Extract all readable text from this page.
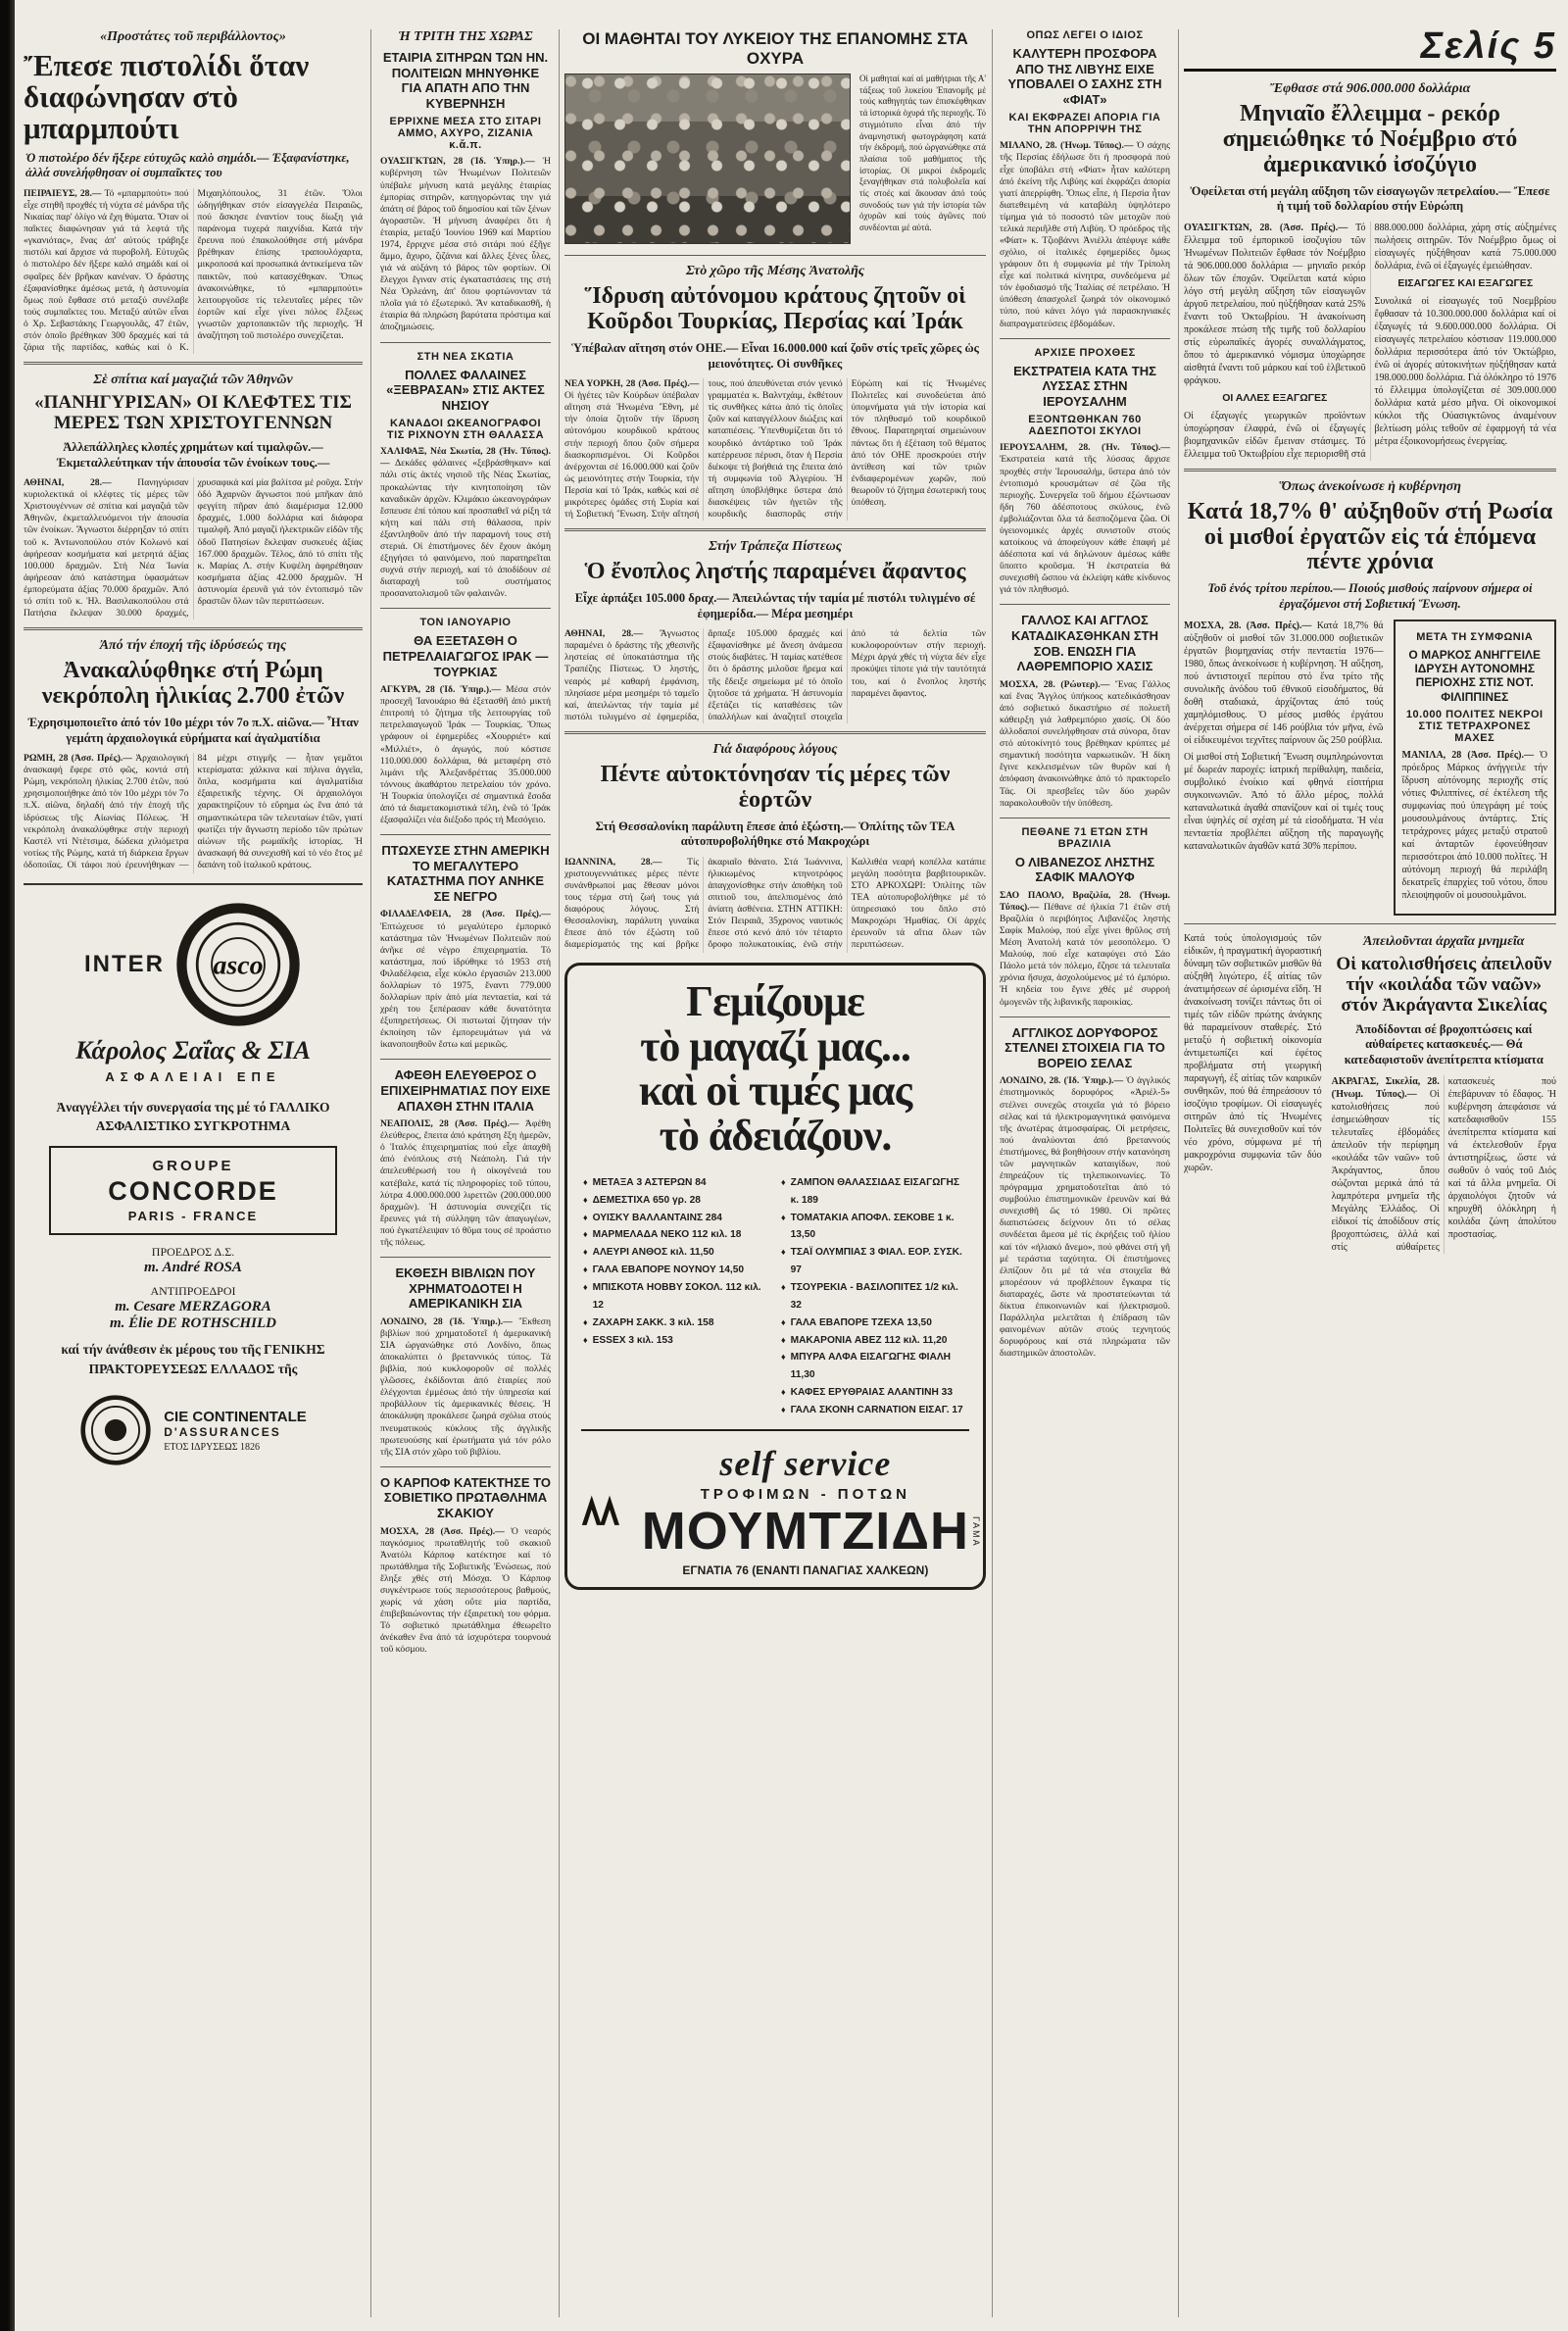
«Προστάτες τοῦ περιβάλλοντος»
Ἔπεσε πιστολίδι ὅταν διαφώνησαν στὸ μπαρμπούτι
Ὁ πιστολέρο δέν ἤξερε εὐτυχῶς καλὸ σημάδι.— Ἐξαφανίστηκε, ἀλλά συνελήφθησαν οἱ συμπαῖκτες του

ΠΕΙΡΑΙΕΥΣ, 28.— Τό «μπαρμπούτι» πού εἶχε στηθῆ προχθές τή νύχτα σέ μάνδρα τῆς Νικαίας παρ' ὀλίγο νά ἔχη θύματα. Ὅταν οἱ παῖκτες διαφώνησαν γιά τά λεφτά τῆς «γκανιότας», ἕνας ἀπ' αὐτούς τράβηξε πιστόλι καί ἄρχισε νά πυροβολῆ. Εὐτυχῶς ὁ πιστολέρο δέν ἤξερε καλό σημάδι καί οἱ σφαῖρες δέν βρῆκαν κανέναν. Ὁ δράστης ἐξαφανίσθηκε ἀμέσως μετά, ἡ ἀστυνομία ὅμως πού ἔφθασε στό μεταξύ συνέλαβε τούς συμπαῖκτες του. Μεταξύ αὐτῶν εἶναι ὁ Χρ. Σεβαστάκης Γεωργουλᾶς, 47 ἐτῶν, στόν ὁποῖο βρέθηκαν 300 δραχμές καί τά ζάρια τῆς παρτίδας, καθώς καί ὁ Κ. Μιχαηλόπουλος, 31 ἐτῶν. Ὅλοι ὡδηγήθηκαν στόν εἰσαγγελέα Πειραιῶς, πού ἄσκησε ἐναντίον τους δίωξη γιά παράνομα τυχερά παιχνίδια. Κατά τήν ἔρευνα πού ἐπακολούθησε στή μάνδρα βρέθηκαν ἐπίσης τραπουλόχαρτα, μικροποσά καί προσωπικά ἀντικείμενα τῶν παικτῶν, πού κατασχέθηκαν. Ὅπως ἀνακοινώθηκε, τό «μπαρμπούτι» λειτουργοῦσε τίς τελευταῖες μέρες τῶν ἑορτῶν καί εἶχε γίνει πόλος ἕλξεως γνωστῶν χαρτοπαικτῶν τῆς περιοχῆς. Ἡ ἀναζήτηση τοῦ πιστολέρο συνεχίζεται.

Σὲ σπίτια καί μαγαζιά τῶν Ἀθηνῶν
«ΠΑΝΗΓΥΡΙΣΑΝ» ΟΙ ΚΛΕΦΤΕΣ ΤΙΣ ΜΕΡΕΣ ΤΩΝ ΧΡΙΣΤΟΥΓΕΝΝΩΝ
Ἀλλεπάλληλες κλοπές χρημάτων καί τιμαλφῶν.— Ἐκμεταλλεύτηκαν τήν ἀπουσία τῶν ἐνοίκων τους.—

ΑΘΗΝΑΙ, 28.—	Πανηγύρισαν κυριολεκτικά οἱ κλέφτες τίς μέρες τῶν Χριστουγέννων σέ σπίτια καί μαγαζιά τῶν Ἀθηνῶν, ἐκμεταλλευόμενοι τήν ἀπουσία τῶν ἐνοίκων. Ἄγνωστοι διέρρηξαν τό σπίτι τοῦ κ. Ἀντωνοπούλου στόν Κολωνό καί ἀφήρεσαν κοσμήματα καί μετρητά ἀξίας 100.000 δραχμῶν. Στή Νέα Ἰωνία ἀφήρεσαν ἀπό κατάστημα ὑφασμάτων ἐμπορεύματα ἀξίας 70.000 δραχμῶν. Ἀπό τό σπίτι τοῦ κ. Ἠλ. Βασιλακοπούλου στά Πατήσια ἔκλεψαν 30.000 δραχμές, χρυσαφικά καί μία βαλίτσα μέ ροῦχα. Στήν ὁδό Ἀχαρνῶν ἄγνωστοι πού μπῆκαν ἀπό φεγγίτη πῆραν ἀπό διαμέρισμα 12.000 δραχμές, 1.000 δολλάρια καί διάφορα τιμαλφῆ. Ἀπό μαγαζί ἠλεκτρικῶν εἰδῶν τῆς ὁδοῦ Πατησίων ἔκλεψαν συσκευές ἀξίας 167.000 δραχμῶν. Τέλος, ἀπό τό σπίτι τῆς κ. Μαρίας Λ. στήν Κυψέλη ἀφηρέθησαν κοσμήματα ἀξίας 42.000 δραχμῶν. Ἡ ἀστυνομία ἐρευνᾶ γιά τόν ἐντοπισμό τῶν δραστῶν ὅλων τῶν περιπτώσεων.

Ἀπό τήν ἐποχή τῆς ἱδρύσεώς της
Ἀνακαλύφθηκε στή Ρώμη νεκρόπολη ἡλικίας 2.700 ἐτῶν
Ἐχρησιμοποιεῖτο ἀπό τόν 10ο μέχρι τόν 7ο π.Χ. αἰῶνα.— Ἦταν γεμάτη ἀρχαιολογικά εὑρήματα καί ἀγαλματίδια

ΡΩΜΗ, 28 (Ἀσσ. Πρές).— Ἀρχαιολογική ἀνασκαφή ἔφερε στό φῶς, κοντά στή Ρώμη, νεκρόπολη ἡλικίας 2.700 ἐτῶν, πού χρησιμοποιήθηκε ἀπό τόν 10ο μέχρι τόν 7ο π.Χ. αἰῶνα, δηλαδή ἀπό τήν ἐποχή τῆς ἱδρύσεως τῆς Αἰωνίας Πόλεως. Ἡ νεκρόπολη ἀνακαλύφθηκε στήν περιοχή Καστέλ ντί Ντέτσιμα, δώδεκα χιλιόμετρα νοτίως τῆς Ρώμης, κατά τή διάρκεια ἔργων ὁδοποιΐας. Οἱ τάφοι πού ἐρευνήθηκαν — 84 μέχρι στιγμῆς — ἦταν γεμᾶτοι κτερίσματα: χάλκινα καί πήλινα ἀγγεῖα, ὅπλα, κοσμήματα καί ἀγαλματίδια ἐξαιρετικῆς τέχνης. Οἱ ἀρχαιολόγοι χαρακτηρίζουν τό εὕρημα ὡς ἕνα ἀπό τά σημαντικώτερα τῶν τελευταίων ἐτῶν, γιατί φωτίζει τήν ἄγνωστη περίοδο τῶν πρώτων αἰώνων τῆς ρωμαϊκῆς ἱστορίας. Ἡ ἀνασκαφή θά συνεχισθῆ καί τό νέο ἔτος μέ δαπάνη τοῦ ἰταλικοῦ κράτους.

INTER asco
Κάρολος Σαΐας & ΣΙΑ
ΑΣΦΑΛΕΙΑΙ ΕΠΕ
Ἀναγγέλλει τήν συνεργασία της μέ τό ΓΑΛΛΙΚΟ ΑΣΦΑΛΙΣΤΙΚΟ ΣΥΓΚΡΟΤΗΜΑ
GROUPE
CONCORDE
PARIS - FRANCE
ΠΡΟΕΔΡΟΣ Δ.Σ.
m. André ROSA
ΑΝΤΙΠΡΟΕΔΡΟΙ
m. Cesare MERZAGORA
m. Élie DE ROTHSCHILD
καί τήν ἀνάθεσιν ἐκ μέρους του τῆς ΓΕΝΙΚΗΣ ΠΡΑΚΤΟΡΕΥΣΕΩΣ ΕΛΛΑΔΟΣ τῆς
CIE CONTINENTALE
D'ASSURANCES
ΕΤΟΣ ΙΔΡΥΣΕΩΣ 1826
Ἡ ΤΡΙΤΗ ΤΗΣ ΧΩΡΑΣ
ΕΤΑΙΡΙΑ ΣΙΤΗΡΩΝ ΤΩΝ ΗΝ. ΠΟΛΙΤΕΙΩΝ ΜΗΝΥΘΗΚΕ ΓΙΑ ΑΠΑΤΗ ΑΠΟ ΤΗΝ ΚΥΒΕΡΝΗΣΗ
ΕΡΡΙΧΝΕ ΜΕΣΑ ΣΤΟ ΣΙΤΑΡΙ ΑΜΜΟ, ΑΧΥΡΟ, ΖΙΖΑΝΙΑ κ.ἄ.π.

ΟΥΑΣΙΓΚΤΩΝ, 28 (Ἰδ. Ὑπηρ.).— Ἡ κυβέρνηση τῶν Ἡνωμένων Πολιτειῶν ὑπέβαλε μήνυση κατά μεγάλης ἑταιρίας ἐμπορίας σιτηρῶν, κατηγορώντας την γιά ἀπάτη σέ βάρος τοῦ δημοσίου καί τῶν ξένων ἀγοραστῶν. Ἡ μήνυση ἀναφέρει ὅτι ἡ ἑταιρία, μεταξύ Ἰουνίου 1969 καί Μαρτίου 1974, ἔρριχνε μέσα στό σιτάρι πού ἐξῆγε ἄμμο, ἄχυρο, ζιζάνια καί ἄλλες ξένες ὗλες, γιά νά αὐξάνη τό βάρος τῶν φορτίων. Οἱ ἔλεγχοι ἔγιναν στίς ἐγκαταστάσεις της στή Νέα Ὀρλεάνη, ἀπ' ὅπου φορτώνονταν τά πλοῖα γιά τό ἐξωτερικό. Ἄν καταδικασθῆ, ἡ ἑταιρία θά πληρώση βαρύτατα πρόστιμα καί ἀποζημιώσεις.

ΣΤΗ ΝΕΑ ΣΚΩΤΙΑ
ΠΟΛΛΕΣ ΦΑΛΑΙΝΕΣ «ΞΕΒΡΑΣΑΝ» ΣΤΙΣ ΑΚΤΕΣ ΝΗΣΙΟΥ
ΚΑΝΑΔΟΙ ΩΚΕΑΝΟΓΡΑΦΟΙ ΤΙΣ ΡΙΧΝΟΥΝ ΣΤΗ ΘΑΛΑΣΣΑ

ΧΑΛΙΦΑΞ, Νέα Σκωτία, 28 (Ἠν. Τύπος).— Δεκάδες φάλαινες «ξεβράσθηκαν» καί πάλι στίς ἀκτές νησιοῦ τῆς Νέας Σκωτίας, προκαλώντας τήν κινητοποίηση τῶν καναδικῶν ἀρχῶν. Κλιμάκιο ὠκεανογράφων ἔσπευσε ἐπί τόπου καί προσπαθεῖ νά ρίξη τά κήτη καί πάλι στή θάλασσα, πρίν ἐξαντληθοῦν ἀπό τήν παραμονή τους στή στεριά. Οἱ ἐπιστήμονες δέν ἔχουν ἀκόμη ἐξηγήσει τό φαινόμενο, πού παρατηρεῖται συχνά στήν περιοχή, καί τό ἀποδίδουν σέ διαταραχή τοῦ συστήματος προσανατολισμοῦ τῶν φαλαινῶν.

ΤΟΝ ΙΑΝΟΥΑΡΙΟ
ΘΑ ΕΞΕΤΑΣΘΗ Ο ΠΕΤΡΕΛΑΙΑΓΩΓΟΣ ΙΡΑΚ — ΤΟΥΡΚΙΑΣ

ΑΓΚΥΡΑ, 28 (Ἰδ. Ὑπηρ.).— Μέσα στόν προσεχῆ Ἰανουάριο θά ἐξετασθῆ ἀπό μικτή ἐπιτροπή τό ζήτημα τῆς λειτουργίας τοῦ πετρελαιαγωγοῦ Ἰράκ — Τουρκίας. Ὅπως γράφουν οἱ ἐφημερίδες «Χουρριέτ» καί «Μιλλιέτ», ὁ ἀγωγός, πού κόστισε 110.000.000 δολλάρια, θά μεταφέρη στό λιμάνι τῆς Ἀλεξανδρέττας 35.000.000 τόννους ἀκαθάρτου πετρελαίου τόν χρόνο. Ἡ Τουρκία ὑπολογίζει σέ σημαντικά ἔσοδα ἀπό τά διαμετακομιστικά τέλη, ἐνῶ τό Ἰράκ ἐξασφαλίζει νέα διέξοδο πρός τή Μεσόγειο.

ΠΤΩΧΕΥΣΕ ΣΤΗΝ ΑΜΕΡΙΚΗ ΤΟ ΜΕΓΑΛΥΤΕΡΟ ΚΑΤΑΣΤΗΜΑ ΠΟΥ ΑΝΗΚΕ ΣΕ ΝΕΓΡΟ

ΦΙΛΑΔΕΛΦΕΙΑ, 28 (Ἀσσ. Πρές).— Ἐπτώχευσε τό μεγαλύτερο ἐμπορικό κατάστημα τῶν Ἡνωμένων Πολιτειῶν πού ἀνῆκε σέ νέγρο ἐπιχειρηματία. Τό κατάστημα, πού ἱδρύθηκε τό 1953 στή Φιλαδέλφεια, εἶχε κύκλο ἐργασιῶν 213.000 δολλαρίων τό 1975, ἔναντι 779.000 δολλαρίων πρίν ἀπό μία πενταετία, καί τά χρέη του ξεπέρασαν κάθε δυνατότητα ἐξυπηρετήσεως. Οἱ πιστωταί ζήτησαν τήν ἐκποίηση τῶν ἐμπορευμάτων γιά νά ἱκανοποιηθοῦν ἔστω καί μερικῶς.

ΑΦΕΘΗ ΕΛΕΥΘΕΡΟΣ Ο ΕΠΙΧΕΙΡΗΜΑΤΙΑΣ ΠΟΥ ΕΙΧΕ ΑΠΑΧΘΗ ΣΤΗΝ ΙΤΑΛΙΑ

ΝΕΑΠΟΛΙΣ, 28 (Ἀσσ. Πρές).— Ἀφέθη ἐλεύθερος, ἔπειτα ἀπό κράτηση ἕξη ἡμερῶν, ὁ Ἰταλός ἐπιχειρηματίας πού εἶχε ἀπαχθῆ ἀπό ἐνόπλους στή Νεάπολη. Γιά τήν ἀπελευθέρωσή του ἡ οἰκογένειά του κατέβαλε, κατά τίς πληροφορίες τοῦ τύπου, λύτρα 4.000.000.000 λιρεττῶν (200.000.000 δραχμῶν). Ἡ ἀστυνομία συνεχίζει τίς ἔρευνες γιά τή σύλληψη τῶν ἀπαγωγέων, πού ἐγκατέλειψαν τό θῦμα τους σέ προάστιο τῆς πόλεως.

ΕΚΘΕΣΗ ΒΙΒΛΙΩΝ ΠΟΥ ΧΡΗΜΑΤΟΔΟΤΕΙ Η ΑΜΕΡΙΚΑΝΙΚΗ ΣΙΑ

ΛΟΝΔΙΝΟ, 28 (Ἰδ. Ὑπηρ.).— Ἔκθεση βιβλίων πού χρηματοδοτεῖ ἡ ἀμερικανική ΣΙΑ ὠργανώθηκε στό Λονδίνο, ὅπως ἀποκαλύπτει ὁ βρεταννικός τύπος. Τά βιβλία, πού κυκλοφοροῦν σέ πολλές γλῶσσες, ἐκδίδονται ἀπό ἑταιρίες πού ἐλέγχονται ἐμμέσως ἀπό τήν ὑπηρεσία καί προβάλλουν τίς ἀμερικανικές θέσεις. Ἡ ἀποκάλυψη προκάλεσε ζωηρά σχόλια στούς πνευματικούς κύκλους τῆς ἀγγλικῆς πρωτευούσης καί ἐρωτήματα γιά τόν ρόλο τῆς ΣΙΑ στόν χῶρο τοῦ βιβλίου.

Ο ΚΑΡΠΟΦ ΚΑΤΕΚΤΗΣΕ ΤΟ ΣΟΒΙΕΤΙΚΟ ΠΡΩΤΑΘΛΗΜΑ ΣΚΑΚΙΟΥ

ΜΟΣΧΑ, 28 (Ἀσσ. Πρές).— Ὁ νεαρός παγκόσμιος πρωταθλητής τοῦ σκακιοῦ Ἀνατόλι Κάρποφ κατέκτησε καί τό πρωτάθλημα τῆς Σοβιετικῆς Ἑνώσεως, πού ἔληξε χθές στή Μόσχα. Ὁ Κάρποφ συγκέντρωσε τούς περισσότερους βαθμούς, χωρίς νά χάση οὔτε μία παρτίδα, ἐπιβεβαιώνοντας τήν ἐξαιρετική του φόρμα. Τό σοβιετικό πρωτάθλημα ἐθεωρεῖτο ἀνέκαθεν ἕνα ἀπό τά ἰσχυρότερα τουρνουά τοῦ κόσμου.

ΟΙ ΜΑΘΗΤΑΙ ΤΟΥ ΛΥΚΕΙΟΥ ΤΗΣ ΕΠΑΝΟΜΗΣ ΣΤΑ ΟΧΥΡΑ
Οἱ μαθηταί καί αἱ μαθήτριαι τῆς Α' τάξεως τοῦ λυκείου Ἐπανομῆς μέ τούς καθηγητάς των ἐπισκέφθηκαν τά ἱστορικά ὀχυρά τῆς περιοχῆς. Τό στιγμιότυπο εἶναι ἀπό τήν ἀναμνηστική φωτογράφηση κατά τήν ἐκδρομή, πού ὠργανώθηκε στά πλαίσια τοῦ μαθήματος τῆς ἱστορίας. Οἱ μικροί ἐκδρομεῖς ξεναγήθηκαν στά πολυβολεῖα καί τίς στοές καί ἄκουσαν ἀπό τούς συνοδούς των γιά τήν ἱστορία τῶν ὀχυρῶν καί τούς ἀγῶνες πού συνδέονται μέ αὐτά.
Στὸ χῶρο τῆς Μέσης Ἀνατολῆς
Ἵδρυση αὐτόνομου κράτους ζητοῦν οἱ Κοῦρδοι Τουρκίας, Περσίας καί Ἰράκ
Ὑπέβαλαν αἴτηση στόν ΟΗΕ.— Εἶναι 16.000.000 καί ζοῦν στίς τρεῖς χῶρες ὡς μειονότητες. Οἱ συνθῆκες

ΝΕΑ ΥΟΡΚΗ, 28 (Ἀσσ. Πρές).— Οἱ ἡγέτες τῶν Κούρδων ὑπέβαλαν αἴτηση στά Ἡνωμένα Ἔθνη, μέ τήν ὁποία ζητοῦν τήν ἵδρυση αὐτονόμου κουρδικοῦ κράτους στήν περιοχή ὅπου ζοῦν σήμερα διασκορπισμένοι. Οἱ Κοῦρδοι ἀνέρχονται σέ 16.000.000 καί ζοῦν ὡς μειονότητες στήν Τουρκία, τήν Περσία καί τό Ἰράκ, καθώς καί σέ μικρότερες ὁμάδες στή Συρία καί τή Σοβιετική Ἕνωση. Στήν αἴτησή τους, πού ἀπευθύνεται στόν γενικό γραμματέα κ. Βαλντχάιμ, ἐκθέτουν τίς συνθῆκες κάτω ἀπό τίς ὁποῖες ζοῦν καί καταγγέλλουν διώξεις καί καταπιέσεις. Ὑπενθυμίζεται ὅτι τό κουρδικό ἀντάρτικο τοῦ Ἰράκ κατέρρευσε πέρυσι, ὅταν ἡ Περσία διέκοψε τή βοήθειά της ἔπειτα ἀπό τή συμφωνία τοῦ Ἀλγερίου. Ἡ αἴτηση ὑποβλήθηκε ὕστερα ἀπό διασκέψεις τῶν ἡγετῶν τῆς κουρδικῆς διασπορᾶς στήν Εὐρώπη καί τίς Ἡνωμένες Πολιτεῖες καί συνοδεύεται ἀπό ὑπομνήματα γιά τήν ἱστορία καί τόν πληθυσμό τοῦ κουρδικοῦ ἔθνους. Παρατηρηταί σημειώνουν πάντως ὅτι ἡ ἐξέταση τοῦ θέματος ἀπό τόν ΟΗΕ προσκρούει στήν ἀντίθεση καί τῶν τριῶν ἐνδιαφερομένων χωρῶν, πού θεωροῦν τό ζήτημα ἐσωτερική τους ὑπόθεση.

Στήν Τράπεζα Πίστεως
Ὁ ἔνοπλος ληστής παραμένει ἄφαντος
Εἶχε ἁρπάξει 105.000 δραχ.— Ἀπειλώντας τήν ταμία μέ πιστόλι τυλιγμένο σέ ἐφημερίδα.— Μέρα μεσημέρι

ΑΘΗΝΑΙ, 28.— Ἄγνωστος παραμένει ὁ δράστης τῆς χθεσινῆς ληστείας σέ ὑποκατάστημα τῆς Τραπέζης Πίστεως. Ὁ ληστής, νεαρός μέ καθαρή ἐμφάνιση, πλησίασε μέρα μεσημέρι τό ταμεῖο καί, ἀπειλώντας τήν ταμία μέ πιστόλι τυλιγμένο σέ ἐφημερίδα, ἅρπαξε 105.000 δραχμές καί ἐξαφανίσθηκε μέ ἄνεση ἀνάμεσα στούς διαβάτες. Ἡ ταμίας κατέθεσε ὅτι ὁ δράστης μιλοῦσε ἤρεμα καί τῆς ἔδειξε σημείωμα μέ τό ὁποῖο ζητοῦσε τά χρήματα. Ἡ ἀστυνομία ἐξετάζει τίς καταθέσεις τῶν ὑπαλλήλων καί ἀναζητεῖ στοιχεῖα ἀπό τά δελτία τῶν κυκλοφορούντων στήν περιοχή. Μέχρι ἀργά χθές τή νύχτα δέν εἶχε προκύψει τίποτε γιά τήν ταυτότητά του, καί ὁ ἔνοπλος ληστής παραμένει ἄφαντος.

Γιά διαφόρους λόγους
Πέντε αὐτοκτόνησαν τίς μέρες τῶν ἑορτῶν
Στή Θεσσαλονίκη παράλυτη ἔπεσε ἀπό ἑξώστη.— Ὁπλίτης τῶν ΤΕΑ αὐτοπυροβολήθηκε στό Μακροχώρι

ΙΩΑΝΝΙΝΑ, 28.—	Τίς χριστουγεννιάτικες μέρες πέντε συνάνθρωποί μας ἔθεσαν μόνοι τους τέρμα στή ζωή τους γιά διαφόρους λόγους. Στή Θεσσαλονίκη, παράλυτη γυναίκα ἔπεσε ἀπό τόν ἑξώστη τοῦ διαμερίσματός της καί βρῆκε ἀκαριαῖο θάνατο. Στά Ἰωάννινα, ἡλικιωμένος κτηνοτρόφος ἀπαγχονίσθηκε στήν ἀποθήκη τοῦ σπιτιοῦ του, ἀπελπισμένος ἀπό ἀνίατη ἀσθένεια. ΣΤΗΝ ΑΤΤΙΚΗ: Στόν Πειραιᾶ, 35χρονος ναυτικός ἔπεσε στό κενό ἀπό τόν τέταρτο ὄροφο πολυκατοικίας, ἐνῶ στήν Καλλιθέα νεαρή κοπέλλα κατάπιε μεγάλη ποσότητα βαρβιτουρικῶν. ΣΤΟ ΑΡΚΟΧΩΡΙ: Ὁπλίτης τῶν ΤΕΑ αὐτοπυροβολήθηκε μέ τό ὑπηρεσιακό του ὅπλο στό Μακροχώρι Ἠμαθίας. Οἱ ἀρχές ἐρευνοῦν τά αἴτια ὅλων τῶν περιπτώσεων.

Γεμίζουμε
τὸ μαγαζί μας...
καὶ οἱ τιμές μας
τὸ ἀδειάζουν.
♦ ΜΕΤΑΞΑ 3 ΑΣΤΕΡΩΝ 84
♦ ΔΕΜΕΣΤΙΧΑ 650 γρ. 28
♦ ΟΥΙΣΚΥ ΒΑΛΛΑΝΤΑΙΝΣ 284
♦ ΜΑΡΜΕΛΑΔΑ ΝΕΚΟ 112 κιλ. 18
♦ ΑΛΕΥΡΙ ΑΝΘΟΣ κιλ. 11,50
♦ ΓΑΛΑ ΕΒΑΠΟΡΕ ΝΟΥΝΟΥ 14,50
♦ ΜΠΙΣΚΟΤΑ HOBBY ΣΟΚΟΛ. 112 κιλ. 12
♦ ΖΑΧΑΡΗ ΣΑΚΚ. 3 κιλ. 158
♦ ESSEX 3 κιλ. 153
♦ ΖΑΜΠΟΝ ΘΑΛΑΣΣΙΔΑΣ ΕΙΣΑΓΩΓΗΣ κ. 189
♦ ΤΟΜΑΤΑΚΙΑ ΑΠΟΦΛ. ΣΕΚΟΒΕ 1 κ. 13,50
♦ ΤΣΑΪ ΟΛΥΜΠΙΑΣ 3 ΦΙΑΛ. ΕΟΡ. ΣΥΣΚ. 97
♦ ΤΣΟΥΡΕΚΙΑ - ΒΑΣΙΛΟΠΙΤΕΣ 1/2 κιλ. 32
♦ ΓΑΛΑ ΕΒΑΠΟΡΕ ΤΖΕΧΑ 13,50
♦ ΜΑΚΑΡΟΝΙΑ ΑΒΕΖ 112 κιλ. 11,20
♦ ΜΠΥΡΑ ΑΛΦΑ ΕΙΣΑΓΩΓΗΣ ΦΙΑΛΗ 11,30
♦ ΚΑΦΕΣ ΕΡΥΘΡΑΙΑΣ ΑΛΑΝΤΙΝΗ 33
♦ ΓΑΛΑ ΣΚΟΝΗ CARNATION ΕΙΣΑΓ. 17
self service
ΤΡΟΦΙΜΩΝ - ΠΟΤΩΝ
ΜΟΥΜΤΖΙΔΗ
ΕΓΝΑΤΙΑ 76 (ΕΝΑΝΤΙ ΠΑΝΑΓΙΑΣ ΧΑΛΚΕΩΝ)
ΓΑΜΑ
ΟΠΩΣ ΛΕΓΕΙ Ο ΙΔΙΟΣ
ΚΑΛΥΤΕΡΗ ΠΡΟΣΦΟΡΑ ΑΠΟ ΤΗΣ ΛΙΒΥΗΣ ΕΙΧΕ ΥΠΟΒΑΛΕΙ Ο ΣΑΧΗΣ ΣΤΗ «ΦΙΑΤ»
ΚΑΙ ΕΚΦΡΑΖΕΙ ΑΠΟΡΙΑ ΓΙΑ ΤΗΝ ΑΠΟΡΡΙΨΗ ΤΗΣ

ΜΙΛΑΝΟ, 28. (Ἠνωμ. Τύπος).— Ὁ σάχης τῆς Περσίας ἐδήλωσε ὅτι ἡ προσφορά πού εἶχε ὑποβάλει στή «Φίατ» ἦταν καλύτερη ἀπό ἐκείνη τῆς Λιβύης καί ἐκφράζει ἀπορία γιατί ἀπερρίφθη. Ὅπως εἶπε, ἡ Περσία ἦταν διατεθειμένη νά καταβάλη ὑψηλότερο τίμημα γιά τό ποσοστό τῶν μετοχῶν πού τελικά περιῆλθε στή Λιβύη. Ὁ πρόεδρος τῆς «Φίατ» κ. Τζιοβάννι Ἀνιέλλι ἀπέφυγε κάθε σχόλιο, οἱ ἰταλικές ἐφημερίδες ὅμως γράφουν ὅτι ἡ συμφωνία μέ τήν Τρίπολη εἶχε καί πολιτικά κίνητρα, συνδεόμενα μέ τόν ἐφοδιασμό τῆς Ἰταλίας σέ πετρέλαιο. Ἡ ὑπόθεση ἀπασχολεῖ ζωηρά τόν οἰκονομικό τύπο, πού κάνει λόγο γιά παρασκηνιακές διαπραγματεύσεις ἑβδομάδων.

ΑΡΧΙΣΕ ΠΡΟΧΘΕΣ
ΕΚΣΤΡΑΤΕΙΑ ΚΑΤΑ ΤΗΣ ΛΥΣΣΑΣ ΣΤΗΝ ΙΕΡΟΥΣΑΛΗΜ
ΕΞΟΝΤΩΘΗΚΑΝ 760 ΑΔΕΣΠΟΤΟΙ ΣΚΥΛΟΙ

ΙΕΡΟΥΣΑΛΗΜ, 28. (Ἠν. Τύπος).— Ἐκστρατεία κατά τῆς λύσσας ἄρχισε προχθές στήν Ἱερουσαλήμ, ὕστερα ἀπό τόν ἐντοπισμό κρουσμάτων σέ ζῶα τῆς περιοχῆς. Συνεργεῖα τοῦ δήμου ἐξώντωσαν ἤδη 760 ἀδέσποτους σκύλους, ἐνῶ ἐμβολιάζονται ὅλα τά δεσποζόμενα ζῶα. Οἱ ὑγειονομικές ἀρχές συνιστοῦν στούς κατοίκους νά ἀποφεύγουν κάθε ἐπαφή μέ ἀδέσποτα καί νά δηλώνουν ἀμέσως κάθε ὕποπτο κροῦσμα. Ἡ ἐκστρατεία θά συνεχισθῆ ὥσπου νά ἐκλείψη κάθε κίνδυνος γιά τόν πληθυσμό.

ΓΑΛΛΟΣ ΚΑΙ ΑΓΓΛΟΣ ΚΑΤΑΔΙΚΑΣΘΗΚΑΝ ΣΤΗ ΣΟΒ. ΕΝΩΣΗ ΓΙΑ ΛΑΘΡΕΜΠΟΡΙΟ ΧΑΣΙΣ

ΜΟΣΧΑ, 28. (Ρώυτερ).— Ἕνας Γάλλος καί ἕνας Ἄγγλος ὑπήκοος κατεδικάσθησαν ἀπό σοβιετικό δικαστήριο σέ πολυετῆ κάθειρξη γιά λαθρεμπόριο χασίς. Οἱ δύο ἀλλοδαποί συνελήφθησαν στά σύνορα, ὅταν στό αὐτοκίνητό τους βρέθηκαν κρύπτες μέ σημαντική ποσότητα ναρκωτικῶν. Ἡ δίκη ἔγινε κεκλεισμένων τῶν θυρῶν καί ἡ ἀπόφαση ἀνακοινώθηκε ἀπό τό πρακτορεῖο Τάς. Οἱ πρεσβεῖες τῶν δύο χωρῶν παρακολουθοῦν τήν ὑπόθεση.

ΠΕΘΑΝΕ 71 ΕΤΩΝ ΣΤΗ ΒΡΑΖΙΛΙΑ
Ο ΛΙΒΑΝΕΖΟΣ ΛΗΣΤΗΣ ΣΑΦΙΚ ΜΑΛΟΥΦ

ΣΑΟ ΠΑΟΛΟ, Βραζιλία, 28. (Ἠνωμ. Τύπος).— Πέθανε σέ ἡλικία 71 ἐτῶν στή Βραζιλία ὁ περιβόητος Λιβανέζος ληστής Σαφίκ Μαλούφ, πού εἶχε γίνει θρῦλος στή Μέση Ἀνατολή κατά τόν μεσοπόλεμο. Ὁ Μαλούφ, πού εἶχε καταφύγει στό Σάο Πάολο μετά τόν πόλεμο, ἔζησε τά τελευταῖα χρόνια ἥσυχα, ἀσχολούμενος μέ τό ἐμπόριο. Ἡ κηδεία του ἔγινε χθές μέ συρροή ὁμογενῶν τῆς λιβανικῆς παροικίας.

ΑΓΓΛΙΚΟΣ ΔΟΡΥΦΟΡΟΣ ΣΤΕΛΝΕΙ ΣΤΟΙΧΕΙΑ ΓΙΑ ΤΟ ΒΟΡΕΙΟ ΣΕΛΑΣ

ΛΟΝΔΙΝΟ, 28. (Ἰδ. Ὑπηρ.).— Ὁ ἀγγλικός ἐπιστημονικός δορυφόρος «Ἀριέλ-5» στέλνει συνεχῶς στοιχεῖα γιά τό βόρειο σέλας καί τά ἠλεκτρομαγνητικά φαινόμενα τῆς ἀνωτέρας ἀτμοσφαίρας. Οἱ μετρήσεις, πού ἀναλύονται ἀπό βρεταννούς ἐπιστήμονες, θά βοηθήσουν στήν κατανόηση τῶν μαγνητικῶν καταιγίδων, πού ἐπηρεάζουν τίς τηλεπικοινωνίες. Τό πρόγραμμα χρηματοδοτεῖται ἀπό τό συμβούλιο ἐπιστημονικῶν ἐρευνῶν καί θά συνεχισθῆ ὥς τό 1980. Οἱ πρῶτες διαπιστώσεις δείχνουν ὅτι τό σέλας συνδέεται ἄμεσα μέ τίς ἐκρήξεις τοῦ ἡλίου καί τόν «ἡλιακό ἄνεμο», πού φθάνει στή γῆ μέ τεράστια ταχύτητα. Οἱ ἐπιστήμονες ἐλπίζουν ὅτι μέ τά νέα στοιχεῖα θά μπορέσουν νά προβλέπουν ἔγκαιρα τίς διαταραχές, ὥστε νά προστατεύωνται τά δίκτυα ἐπικοινωνιῶν καί ἠλεκτρισμοῦ. Παράλληλα μελετᾶται ἡ ἐπίδραση τῶν φαινομένων αὐτῶν στούς τεχνητούς δορυφόρους καί στά πληρώματα τῶν διαστημικῶν ἀποστολῶν.

Σελίς 5
Ἔφθασε στά 906.000.000 δολλάρια
Μηνιαῖο ἔλλειμμα - ρεκόρ σημειώθηκε τό Νοέμβριο στό ἀμερικανικό ἰσοζύγιο
Ὀφείλεται στή μεγάλη αὔξηση τῶν εἰσαγωγῶν πετρελαίου.— Ἔπεσε ἡ τιμή τοῦ δολλαρίου στήν Εὐρώπη

ΟΥΑΣΙΓΚΤΩΝ, 28. (Ἀσσ. Πρές).— Τό ἔλλειμμα τοῦ ἐμπορικοῦ ἰσοζυγίου τῶν Ἡνωμένων Πολιτειῶν ἔφθασε τόν Νοέμβριο τά 906.000.000 δολλάρια — μηνιαῖο ρεκόρ ὅλων τῶν ἐποχῶν. Ὀφείλεται κατά κύριο λόγο στή μεγάλη αὔξηση τῶν εἰσαγωγῶν ἀργοῦ πετρελαίου, πού ηὐξήθησαν κατά 25% ἔναντι τοῦ Ὀκτωβρίου. Ἡ ἀνακοίνωση προκάλεσε πτώση τῆς τιμῆς τοῦ δολλαρίου στίς εὐρωπαϊκές ἀγορές συναλλάγματος, ὅπου τό ἀμερικανικό νόμισμα ὑποχώρησε αἰσθητά ἔναντι τοῦ μάρκου καί τοῦ ἑλβετικοῦ φράγκου.

ΟΙ ΑΛΛΕΣ ΕΞΑΓΩΓΕΣ

Οἱ ἐξαγωγές γεωργικῶν προϊόντων ὑποχώρησαν ἐλαφρά, ἐνῶ οἱ ἐξαγωγές βιομηχανικῶν εἰδῶν ἔμειναν στάσιμες. Τό ἔλλειμμα τοῦ Ὀκτωβρίου εἶχε περιορισθῆ στά 888.000.000 δολλάρια, χάρη στίς αὐξημένες πωλήσεις σιτηρῶν. Τόν Νοέμβριο ὅμως οἱ εἰσαγωγές ηὐξήθησαν κατά 75.000.000 δολλάρια, ἐνῶ οἱ ἐξαγωγές ἐμειώθησαν.

ΕΙΣΑΓΩΓΕΣ ΚΑΙ ΕΞΑΓΩΓΕΣ

Συνολικά οἱ εἰσαγωγές τοῦ Νοεμβρίου ἔφθασαν τά 10.300.000.000 δολλάρια καί οἱ ἐξαγωγές τά 9.600.000.000 δολλάρια. Οἱ εἰσαγωγές πετρελαίου κόστισαν 119.000.000 δολλάρια περισσότερα ἀπό τόν Ὀκτώβριο, ἐνῶ οἱ ἀγορές αὐτοκινήτων ηὐξήθησαν κατά 198.000.000 δολλάρια. Γιά ὁλόκληρο τό 1976 τό ἔλλειμμα ὑπολογίζεται σέ 309.000.000 δολλάρια κατά μέσο μῆνα. Οἱ οἰκονομικοί κύκλοι τῆς Οὐασιγκτῶνος ἀναμένουν βελτίωση μόλις τεθοῦν σέ ἐφαρμογή τά νέα μέτρα ἐξοικονομήσεως ἐνεργείας.

Ὅπως ἀνεκοίνωσε ἡ κυβέρνηση
Κατά 18,7% θ' αὐξηθοῦν στή Ρωσία οἱ μισθοί ἐργατῶν εἰς τά ἑπόμενα πέντε χρόνια
Τοῦ ἑνός τρίτου περίπου.— Ποιούς μισθούς παίρνουν σήμερα οἱ ἐργαζόμενοι στή Σοβιετική Ἕνωση.

ΜΟΣΧΑ, 28. (Ἀσσ. Πρές).— Κατά 18,7% θά αὐξηθοῦν οἱ μισθοί τῶν 31.000.000 σοβιετικῶν ἐργατῶν βιομηχανίας στήν πενταετία 1976—1980, ὅπως ἀνεκοίνωσε ἡ κυβέρνηση. Ἡ αὔξηση, πού ἀντιστοιχεῖ περίπου στό ἕνα τρίτο τῆς συνολικῆς ἀνόδου τοῦ ἐθνικοῦ εἰσοδήματος, θά δοθῆ σταδιακά, ἀρχίζοντας ἀπό τούς χαμηλόμισθους. Ὁ μέσος μισθός ἐργάτου ἀνέρχεται σήμερα σέ 146 ρούβλια τόν μῆνα, ἐνῶ οἱ εἰδικευμένοι τεχνῖτες παίρνουν ὥς 250 ρούβλια.

Οἱ μισθοί στή Σοβιετική Ἕνωση συμπληρώνονται μέ δωρεάν παροχές: ἰατρική περίθαλψη, παιδεία, συμβολικό ἐνοίκιο καί φθηνά εἰσιτήρια συγκοινωνιῶν. Ἀπό τό ἄλλο μέρος, πολλά καταναλωτικά ἀγαθά σπανίζουν καί οἱ τιμές τους εἶναι ὑψηλές σέ σχέση μέ τά εἰσοδήματα. Ἡ νέα πενταετία προβλέπει αὔξηση τῆς παραγωγῆς καταναλωτικῶν ἀγαθῶν κατά 30% περίπου.

ΜΕΤΑ ΤΗ ΣΥΜΦΩΝΙΑ
Ο ΜΑΡΚΟΣ ΑΝΗΓΓΕΙΛΕ ΙΔΡΥΣΗ ΑΥΤΟΝΟΜΗΣ ΠΕΡΙΟΧΗΣ ΣΤΙΣ ΝΟΤ. ΦΙΛΙΠΠΙΝΕΣ
10.000 ΠΟΛΙΤΕΣ ΝΕΚΡΟΙ ΣΤΙΣ ΤΕΤΡΑΧΡΟΝΕΣ ΜΑΧΕΣ

ΜΑΝΙΛΑ, 28 (Ἀσσ. Πρές).— Ὁ πρόεδρος Μάρκος ἀνήγγειλε τήν ἵδρυση αὐτόνομης περιοχῆς στίς νότιες Φιλιππίνες, σέ ἐκτέλεση τῆς συμφωνίας πού ὑπεγράφη μέ τούς μουσουλμάνους ἀντάρτες. Στίς τετράχρονες μάχες μεταξύ στρατοῦ καί ἀνταρτῶν ἐφονεύθησαν περισσότεροι ἀπό 10.000 πολῖτες. Ἡ αὐτόνομη περιοχή θά περιλάβη δεκατρεῖς ἐπαρχίες τοῦ νότου, ὅπου πλειοψηφοῦν οἱ μουσουλμᾶνοι.

Κατά τούς ὑπολογισμούς τῶν εἰδικῶν, ἡ πραγματική ἀγοραστική δύναμη τῶν σοβιετικῶν μισθῶν θά αὐξηθῆ λιγώτερο, ἐξ αἰτίας τῶν ἀνατιμήσεων σέ ὡρισμένα εἴδη. Ἡ ἀνακοίνωση τονίζει πάντως ὅτι οἱ τιμές τῶν εἰδῶν πρώτης ἀνάγκης θά παραμείνουν σταθερές. Στό μεταξύ ἡ σοβιετική οἰκονομία ἀντιμετωπίζει καί ἐφέτος προβλήματα στή γεωργική παραγωγή, ἐξ αἰτίας τῶν καιρικῶν συνθηκῶν, πού θά ἐπηρεάσουν τό ἰσοζύγιο τροφίμων. Οἱ εἰσαγωγές σιτηρῶν ἀπό τίς Ἡνωμένες Πολιτεῖες θά συνεχισθοῦν καί τόν νέο χρόνο, σύμφωνα μέ τή μακροχρόνια συμφωνία τῶν δύο χωρῶν.

Ἀπειλοῦνται ἀρχαῖα μνημεῖα
Οἱ κατολισθήσεις ἀπειλοῦν τήν «κοιλάδα τῶν ναῶν» στόν Ἀκράγαντα Σικελίας
Ἀποδίδονται σέ βροχοπτώσεις καί αὐθαίρετες κατασκευές.— Θά κατεδαφιστοῦν ἀνεπίτρεπτα κτίσματα

ΑΚΡΑΓΑΣ, Σικελία, 28. (Ἠνωμ. Τύπος).— Οἱ κατολισθήσεις πού ἐσημειώθησαν τίς τελευταῖες ἑβδομάδες ἀπειλοῦν τήν περίφημη «κοιλάδα τῶν ναῶν» τοῦ Ἀκράγαντος, ὅπου σώζονται μερικά ἀπό τά λαμπρότερα μνημεῖα τῆς Μεγάλης Ἑλλάδος. Οἱ εἰδικοί τίς ἀποδίδουν στίς βροχοπτώσεις, ἀλλά καί στίς αὐθαίρετες κατασκευές πού ἐπεβάρυναν τό ἔδαφος. Ἡ κυβέρνηση ἀπεφάσισε νά κατεδαφισθοῦν 155 ἀνεπίτρεπτα κτίσματα καί νά ἐκτελεσθοῦν ἔργα ἀντιστηρίξεως, ὥστε νά σωθοῦν ὁ ναός τοῦ Διός καί τά ἄλλα μνημεῖα. Οἱ ἀρχαιολόγοι ζητοῦν νά κηρυχθῆ ὁλόκληρη ἡ κοιλάδα ζώνη ἀπολύτου προστασίας.
